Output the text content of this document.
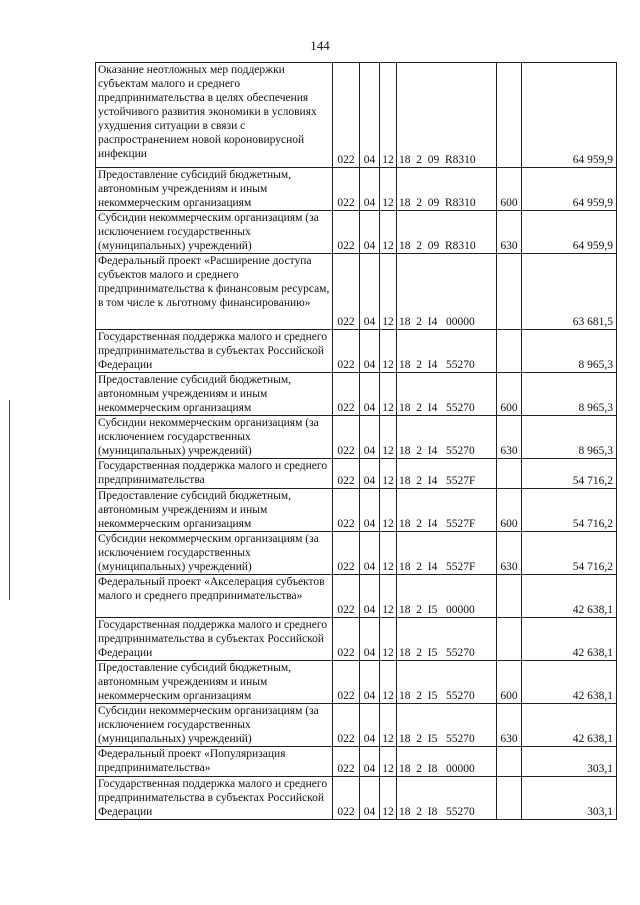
144
Оказание неотложных мер поддержки субъектам малого и среднего предпринимательства в целях обеспечения устойчивого развития экономики в условиях ухудшения ситуации в связи с распространением новой короновирусной инфекции	022	04	12	18  2  09  R8310		64 959,9
Предоставление субсидий бюджетным, автономным учреждениям и иным некоммерческим организациям	022	04	12	18  2  09  R8310	600	64 959,9
Субсидии некоммерческим организациям (за исключением государственных (муниципальных) учреждений)	022	04	12	18  2  09  R8310	630	64 959,9
Федеральный проект «Расширение доступа субъектов малого и среднего предпринимательства к финансовым ресурсам, в том числе к льготному финансированию»	022	04	12	18  2  I4   00000		63 681,5
Государственная поддержка малого и среднего предпринимательства в субъектах Российской Федерации	022	04	12	18  2  I4   55270		8 965,3
Предоставление субсидий бюджетным, автономным учреждениям и иным некоммерческим организациям	022	04	12	18  2  I4   55270	600	8 965,3
Субсидии некоммерческим организациям (за исключением государственных (муниципальных) учреждений)	022	04	12	18  2  I4   55270	630	8 965,3
Государственная поддержка малого и среднего предпринимательства	022	04	12	18  2  I4   5527F		54 716,2
Предоставление субсидий бюджетным, автономным учреждениям и иным некоммерческим организациям	022	04	12	18  2  I4   5527F	600	54 716,2
Субсидии некоммерческим организациям (за исключением государственных (муниципальных) учреждений)	022	04	12	18  2  I4   5527F	630	54 716,2
Федеральный проект «Акселерация субъектов малого и среднего предпринимательства»	022	04	12	18  2  I5   00000		42 638,1
Государственная поддержка малого и среднего предпринимательства в субъектах Российской Федерации	022	04	12	18  2  I5   55270		42 638,1
Предоставление субсидий бюджетным, автономным учреждениям и иным некоммерческим организациям	022	04	12	18  2  I5   55270	600	42 638,1
Субсидии некоммерческим организациям (за исключением государственных (муниципальных) учреждений)	022	04	12	18  2  I5   55270	630	42 638,1
Федеральный проект «Популяризация предпринимательства»	022	04	12	18  2  I8   00000		303,1
Государственная поддержка малого и среднего предпринимательства в субъектах Российской Федерации	022	04	12	18  2  I8   55270		303,1
